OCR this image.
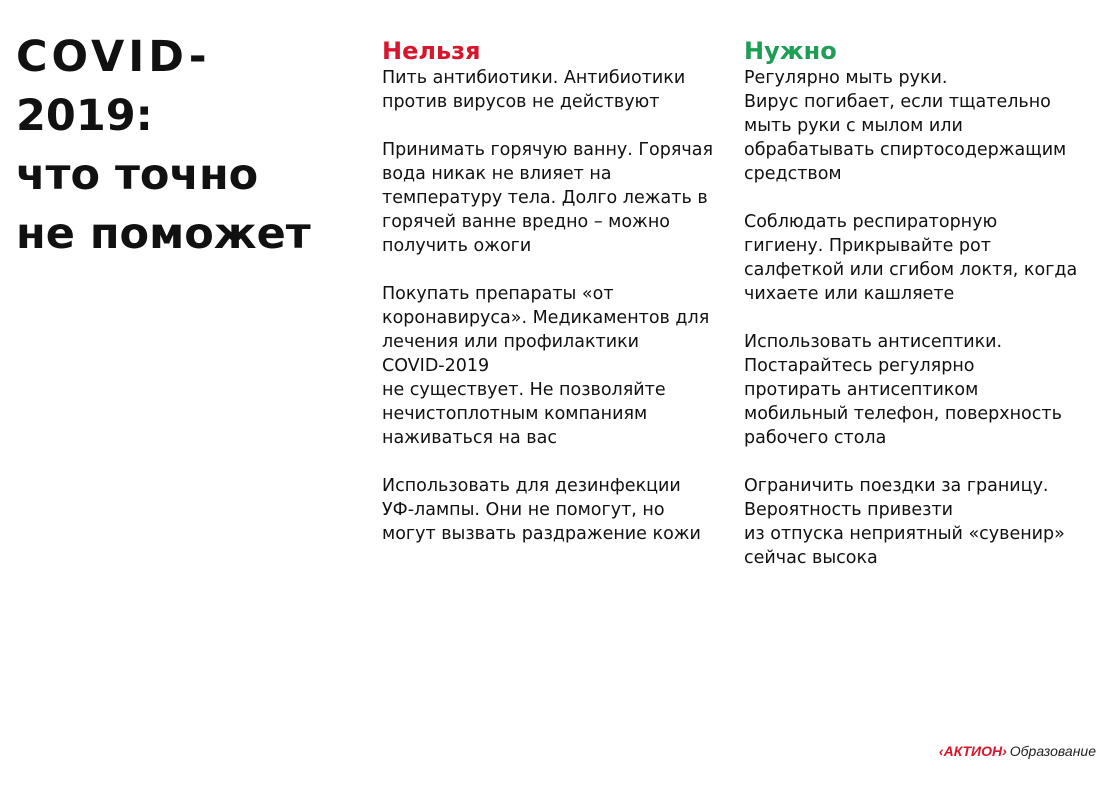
COVID-
2019:
что точно
не поможет
Нельзя

Пить антибиотики. Антибиотики
против вирусов не действуют

Принимать горячую ванну. Горячая
вода никак не влияет на
температуру тела. Долго лежать в
горячей ванне вредно – можно
получить ожоги

Покупать препараты «от
коронавируса». Медикаментов для
лечения или профилактики
COVID-2019
не существует. Не позволяйте
нечистоплотным компаниям
наживаться на вас

Использовать для дезинфекции
УФ-лампы. Они не помогут, но
могут вызвать раздражение кожи

Нужно

Регулярно мыть руки.
Вирус погибает, если тщательно
мыть руки с мылом или
обрабатывать спиртосодержащим
средством

Соблюдать респираторную
гигиену. Прикрывайте рот
салфеткой или сгибом локтя, когда
чихаете или кашляете

Использовать антисептики.
Постарайтесь регулярно
протирать антисептиком
мобильный телефон, поверхность
рабочего стола

Ограничить поездки за границу.
Вероятность привезти
из отпуска неприятный «сувенир»
сейчас высока

‹АКТИОН› Образование
